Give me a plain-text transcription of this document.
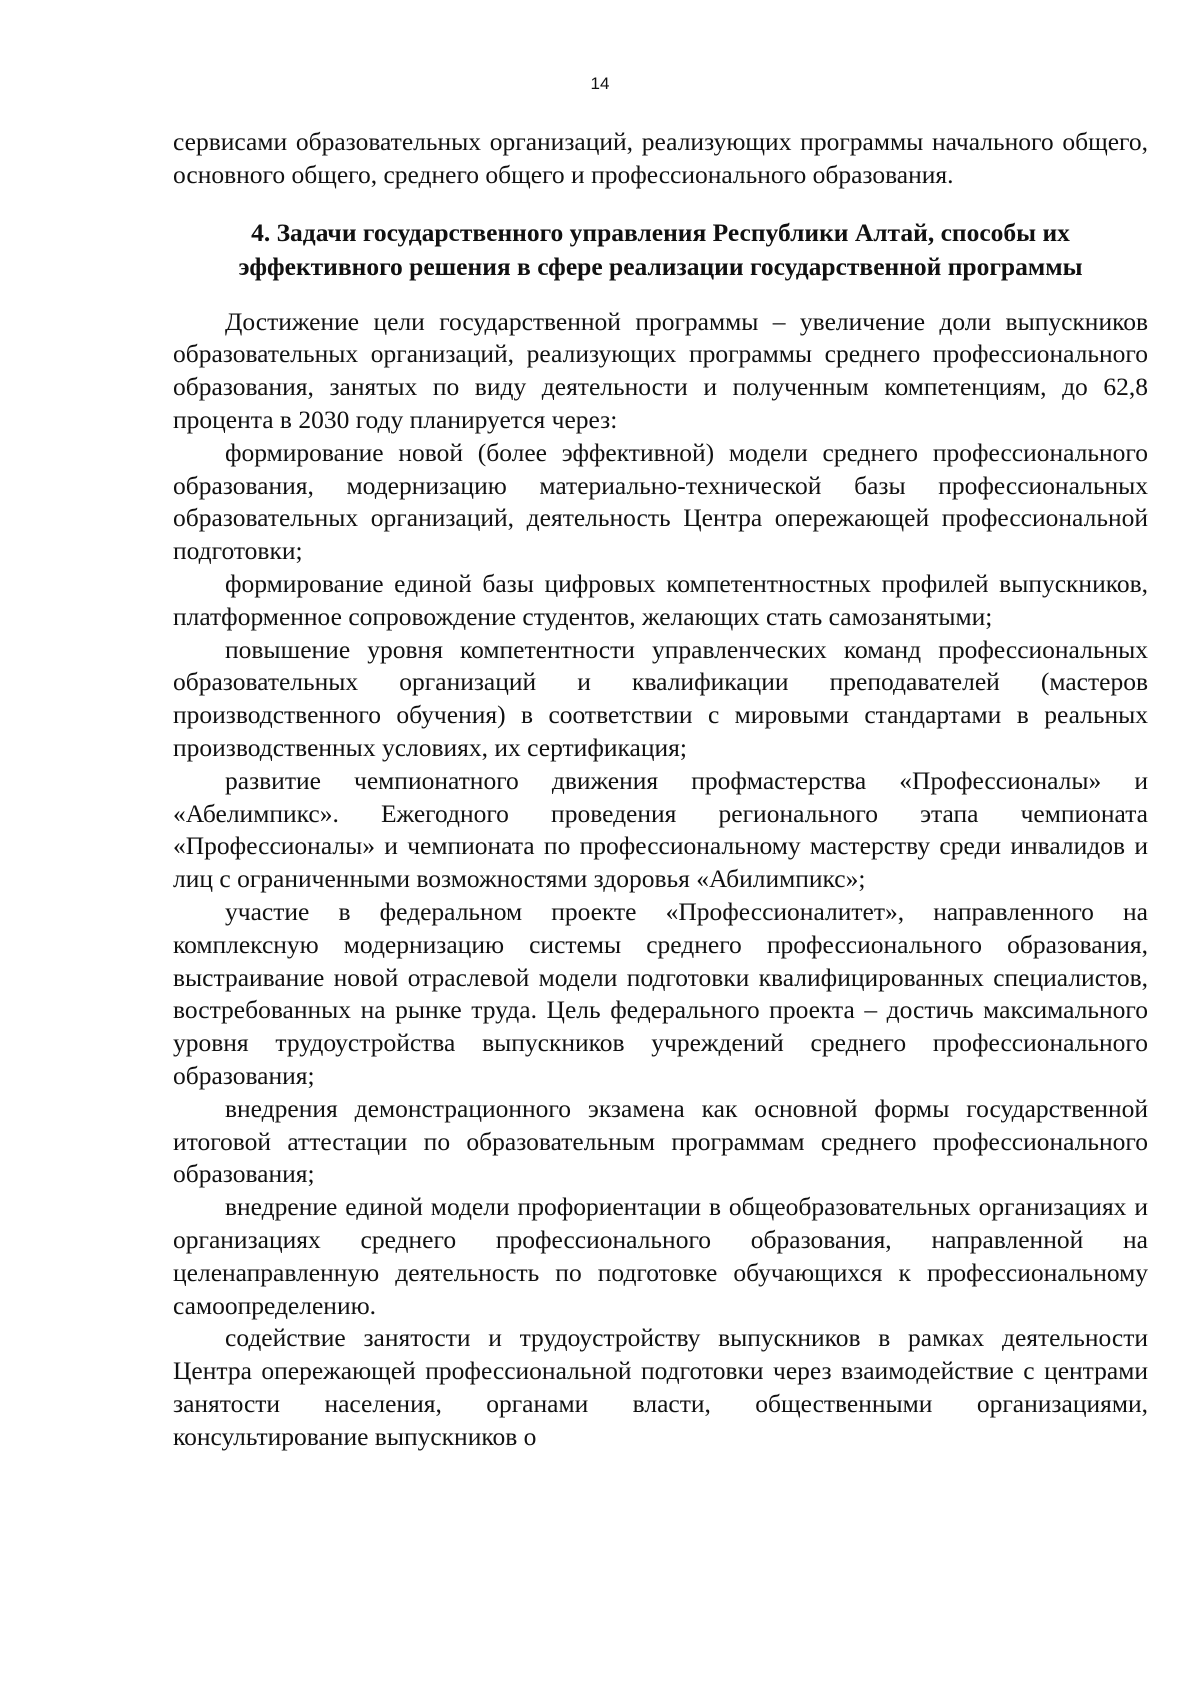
14

сервисами образовательных организаций, реализующих программы начального общего, основного общего, среднего общего и профессионального образования.

4. Задачи государственного управления Республики Алтай, способы их эффективного решения в сфере реализации государственной программы

Достижение цели государственной программы – увеличение доли выпускников образовательных организаций, реализующих программы среднего профессионального образования, занятых по виду деятельности и полученным компетенциям, до 62,8 процента в 2030 году планируется через:

формирование новой (более эффективной) модели среднего профессионального образования, модернизацию материально-технической базы профессиональных образовательных организаций, деятельность Центра опережающей профессиональной подготовки;

формирование единой базы цифровых компетентностных профилей выпускников, платформенное сопровождение студентов, желающих стать самозанятыми;

повышение уровня компетентности управленческих команд профессиональных образовательных организаций и квалификации преподавателей (мастеров производственного обучения) в соответствии с мировыми стандартами в реальных производственных условиях, их сертификация;

развитие чемпионатного движения профмастерства «Профессионалы» и «Абелимпикс». Ежегодного проведения регионального этапа чемпионата «Профессионалы» и чемпионата по профессиональному мастерству среди инвалидов и лиц с ограниченными возможностями здоровья «Абилимпикс»;

участие в федеральном проекте «Профессионалитет», направленного на комплексную модернизацию системы среднего профессионального образования, выстраивание новой отраслевой модели подготовки квалифицированных специалистов, востребованных на рынке труда. Цель федерального проекта – достичь максимального уровня трудоустройства выпускников учреждений среднего профессионального образования;

внедрения демонстрационного экзамена как основной формы государственной итоговой аттестации по образовательным программам среднего профессионального образования;

внедрение единой модели профориентации в общеобразовательных организациях и организациях среднего профессионального образования, направленной на целенаправленную деятельность по подготовке обучающихся к профессиональному самоопределению.

содействие занятости и трудоустройству выпускников в рамках деятельности Центра опережающей профессиональной подготовки через взаимодействие с центрами занятости населения, органами власти, общественными организациями, консультирование выпускников о
